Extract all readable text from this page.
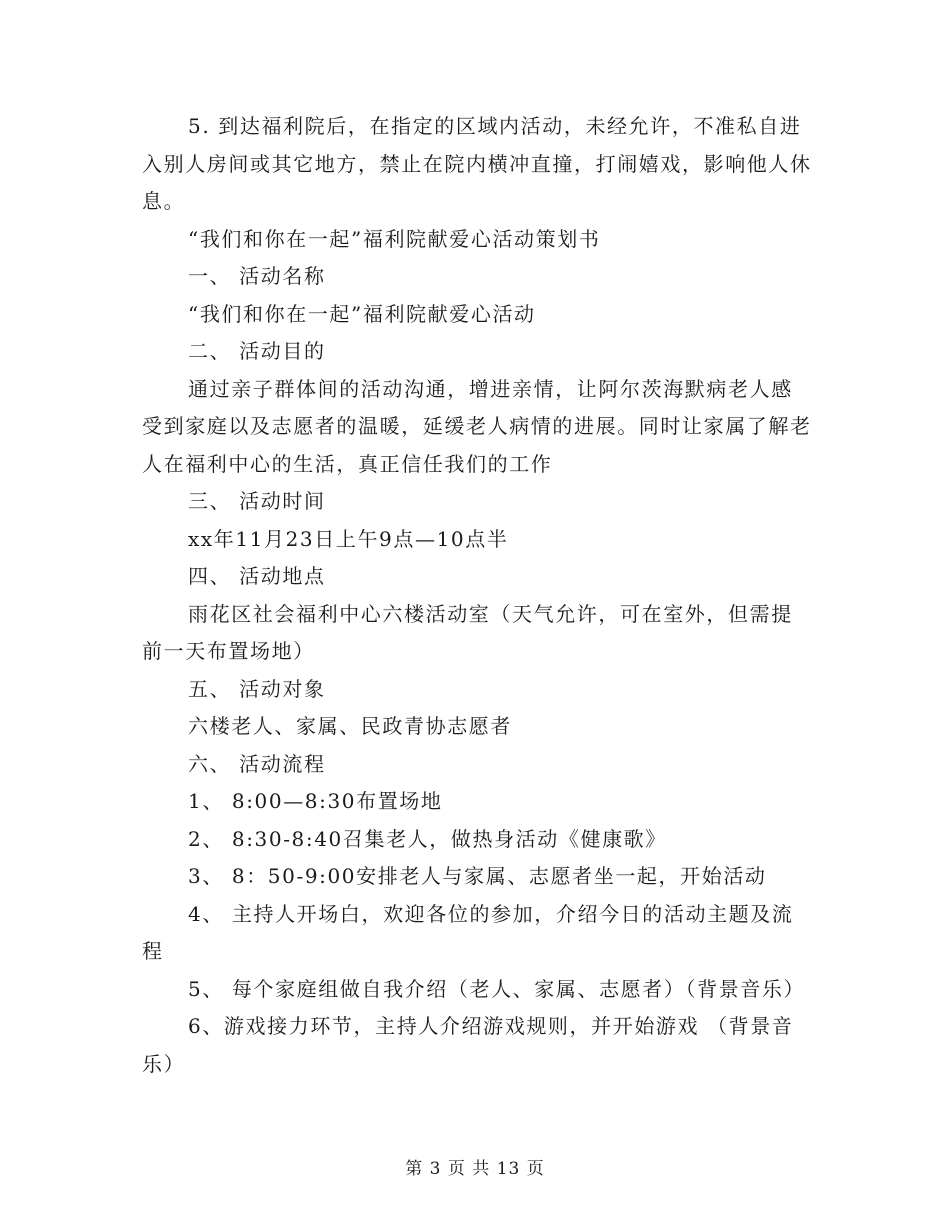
5. 到达福利院后，在指定的区域内活动，未经允许，不准私自进入别人房间或其它地方，禁止在院内横冲直撞，打闹嬉戏，影响他人休息。

“我们和你在一起”福利院献爱心活动策划书

一、 活动名称

“我们和你在一起”福利院献爱心活动

二、 活动目的

通过亲子群体间的活动沟通，增进亲情，让阿尔茨海默病老人感受到家庭以及志愿者的温暖，延缓老人病情的进展。同时让家属了解老人在福利中心的生活，真正信任我们的工作

三、 活动时间

xx年11月23日上午9点—10点半

四、 活动地点

雨花区社会福利中心六楼活动室（天气允许，可在室外，但需提前一天布置场地）

五、 活动对象

六楼老人、家属、民政青协志愿者

六、 活动流程

1、 8:00—8:30布置场地

2、 8:30-8:40召集老人，做热身活动《健康歌》

3、 8：50-9:00安排老人与家属、志愿者坐一起，开始活动

4、 主持人开场白，欢迎各位的参加，介绍今日的活动主题及流程

5、 每个家庭组做自我介绍（老人、家属、志愿者）（背景音乐）

6、游戏接力环节，主持人介绍游戏规则，并开始游戏 （背景音乐）

第 3 页 共 13 页
